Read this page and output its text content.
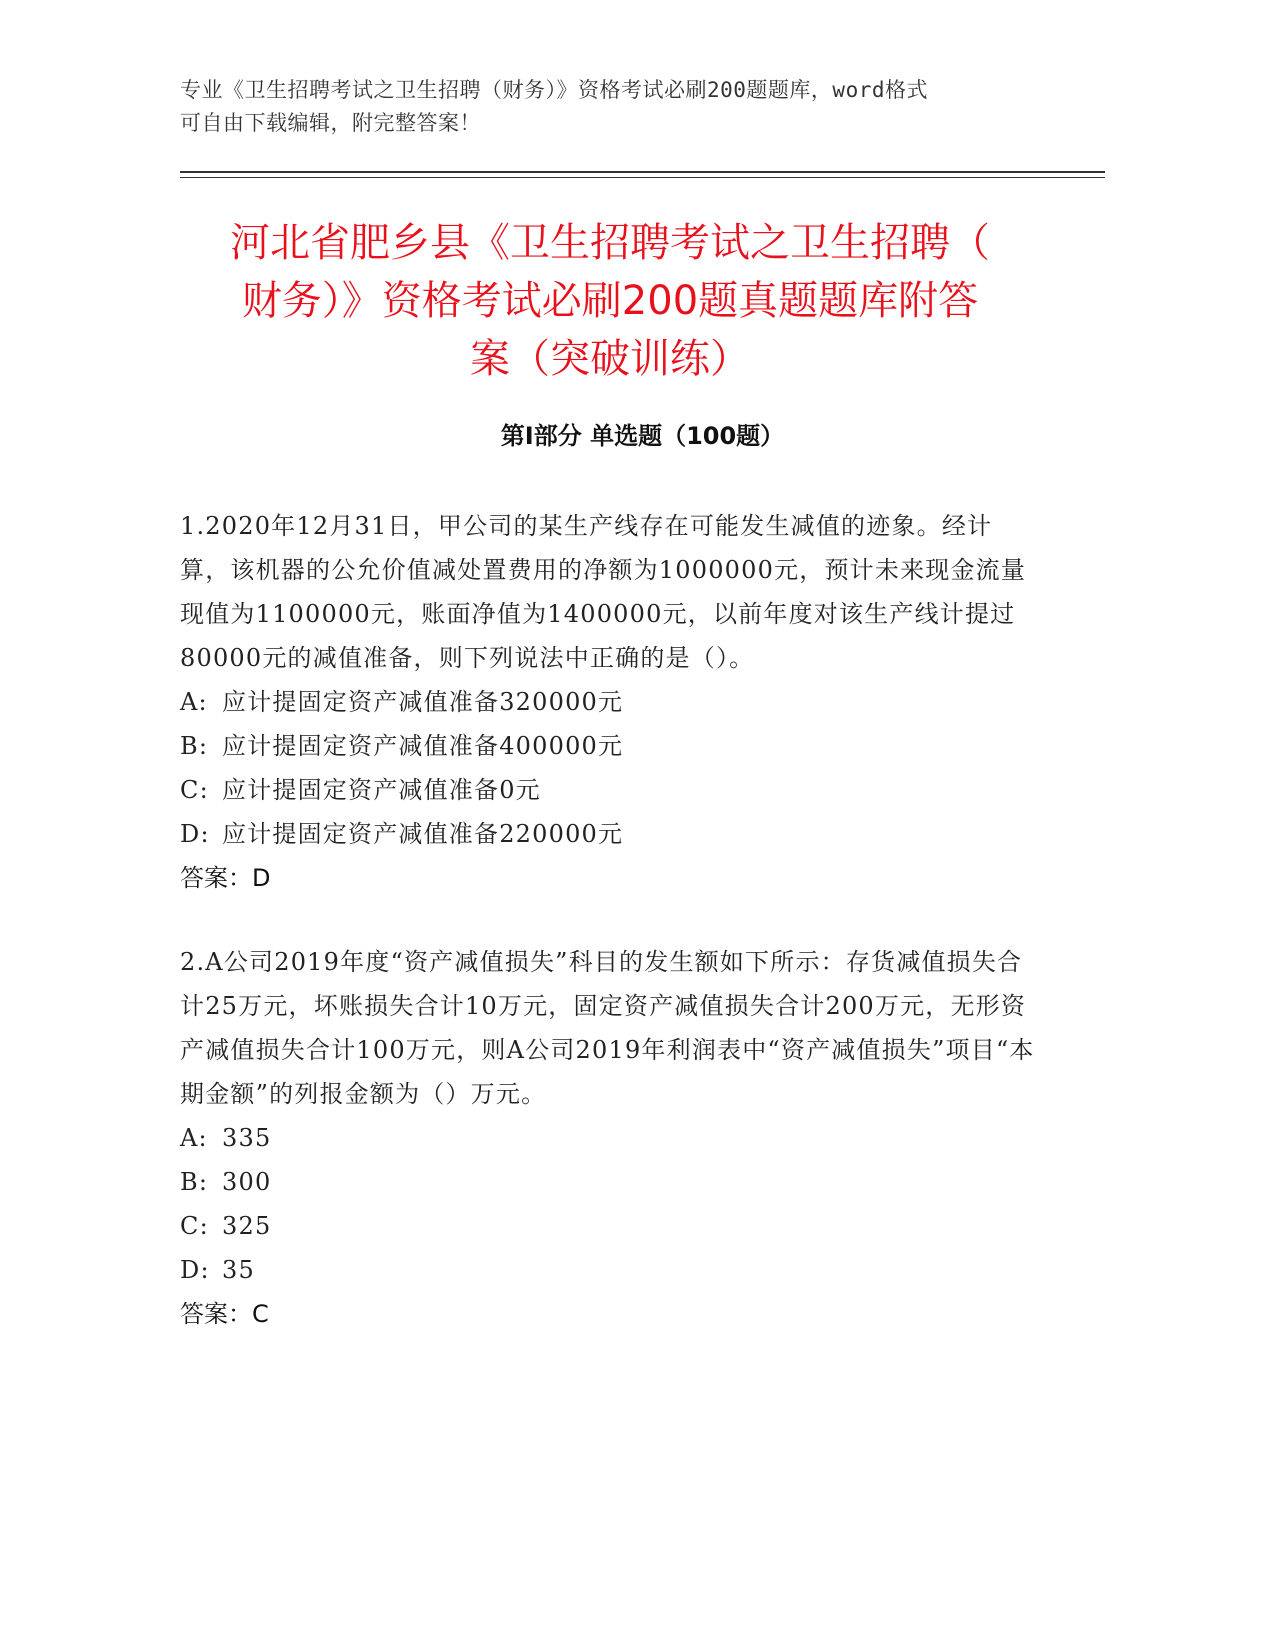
专业《卫生招聘考试之卫生招聘（财务）》资格考试必刷200题题库，word格式
可自由下载编辑，附完整答案！
河北省肥乡县《卫生招聘考试之卫生招聘（
财务）》资格考试必刷200题真题题库附答
案（突破训练）
第I部分 单选题（100题）
1.2020年12月31日，甲公司的某生产线存在可能发生减值的迹象。经计算，该机器的公允价值减处置费用的净额为1000000元，预计未来现金流量现值为1100000元，账面净值为1400000元，以前年度对该生产线计提过80000元的减值准备，则下列说法中正确的是（）。
A: 应计提固定资产减值准备320000元
B: 应计提固定资产减值准备400000元
C: 应计提固定资产减值准备0元
D: 应计提固定资产减值准备220000元
答案：D
2.A公司2019年度“资产减值损失”科目的发生额如下所示：存货减值损失合计25万元，坏账损失合计10万元，固定资产减值损失合计200万元，无形资产减值损失合计100万元，则A公司2019年利润表中“资产减值损失”项目“本期金额”的列报金额为（）万元。
A: 335
B: 300
C: 325
D: 35
答案：C
